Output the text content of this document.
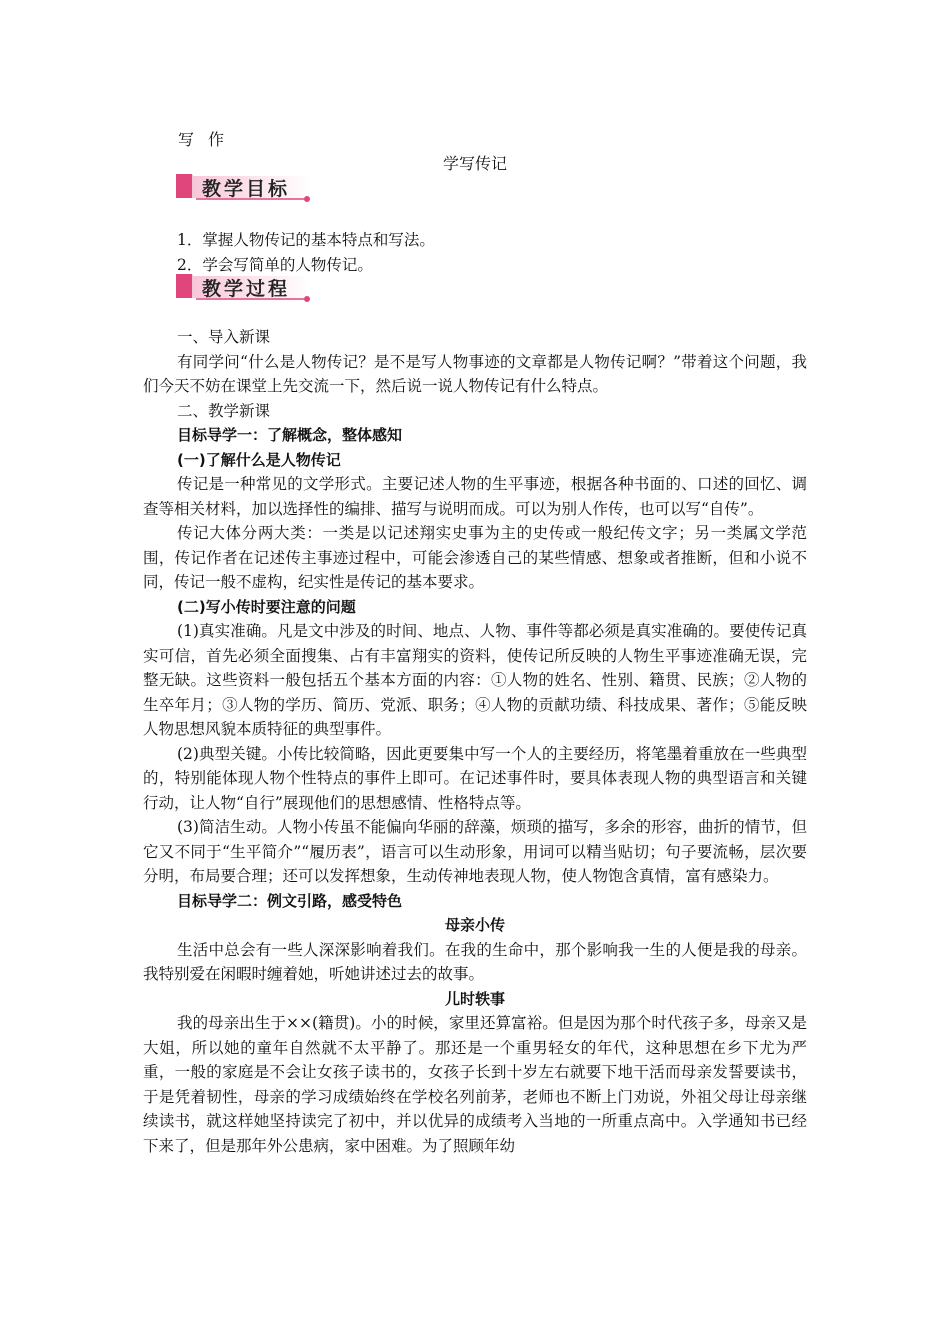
写作
学写传记
教学目标

1．掌握人物传记的基本特点和写法。

2．学会写简单的人物传记。

教学过程

一、导入新课

有同学问“什么是人物传记？是不是写人物事迹的文章都是人物传记啊？”带着这个问题，我们今天不妨在课堂上先交流一下，然后说一说人物传记有什么特点。

二、教学新课

目标导学一：了解概念，整体感知

(一)了解什么是人物传记

传记是一种常见的文学形式。主要记述人物的生平事迹，根据各种书面的、口述的回忆、调查等相关材料，加以选择性的编排、描写与说明而成。可以为别人作传，也可以写“自传”。

传记大体分两大类：一类是以记述翔实史事为主的史传或一般纪传文字；另一类属文学范围，传记作者在记述传主事迹过程中，可能会渗透自己的某些情感、想象或者推断，但和小说不同，传记一般不虚构，纪实性是传记的基本要求。

(二)写小传时要注意的问题

(1)真实准确。凡是文中涉及的时间、地点、人物、事件等都必须是真实准确的。要使传记真实可信，首先必须全面搜集、占有丰富翔实的资料，使传记所反映的人物生平事迹准确无误，完整无缺。这些资料一般包括五个基本方面的内容：①人物的姓名、性别、籍贯、民族；②人物的生卒年月；③人物的学历、简历、党派、职务；④人物的贡献功绩、科技成果、著作；⑤能反映人物思想风貌本质特征的典型事件。

(2)典型关键。小传比较简略，因此更要集中写一个人的主要经历，将笔墨着重放在一些典型的，特别能体现人物个性特点的事件上即可。在记述事件时，要具体表现人物的典型语言和关键行动，让人物“自行”展现他们的思想感情、性格特点等。

(3)简洁生动。人物小传虽不能偏向华丽的辞藻，烦琐的描写，多余的形容，曲折的情节，但它又不同于“生平简介”“履历表”，语言可以生动形象，用词可以精当贴切；句子要流畅，层次要分明，布局要合理；还可以发挥想象，生动传神地表现人物，使人物饱含真情，富有感染力。

目标导学二：例文引路，感受特色

母亲小传

生活中总会有一些人深深影响着我们。在我的生命中，那个影响我一生的人便是我的母亲。我特别爱在闲暇时缠着她，听她讲述过去的故事。

儿时轶事

我的母亲出生于××(籍贯)。小的时候，家里还算富裕。但是因为那个时代孩子多，母亲又是大姐，所以她的童年自然就不太平静了。那还是一个重男轻女的年代，这种思想在乡下尤为严重，一般的家庭是不会让女孩子读书的，女孩子长到十岁左右就要下地干活而母亲发誓要读书，于是凭着韧性，母亲的学习成绩始终在学校名列前茅，老师也不断上门劝说，外祖父母让母亲继续读书，就这样她坚持读完了初中，并以优异的成绩考入当地的一所重点高中。入学通知书已经下来了，但是那年外公患病，家中困难。为了照顾年幼
